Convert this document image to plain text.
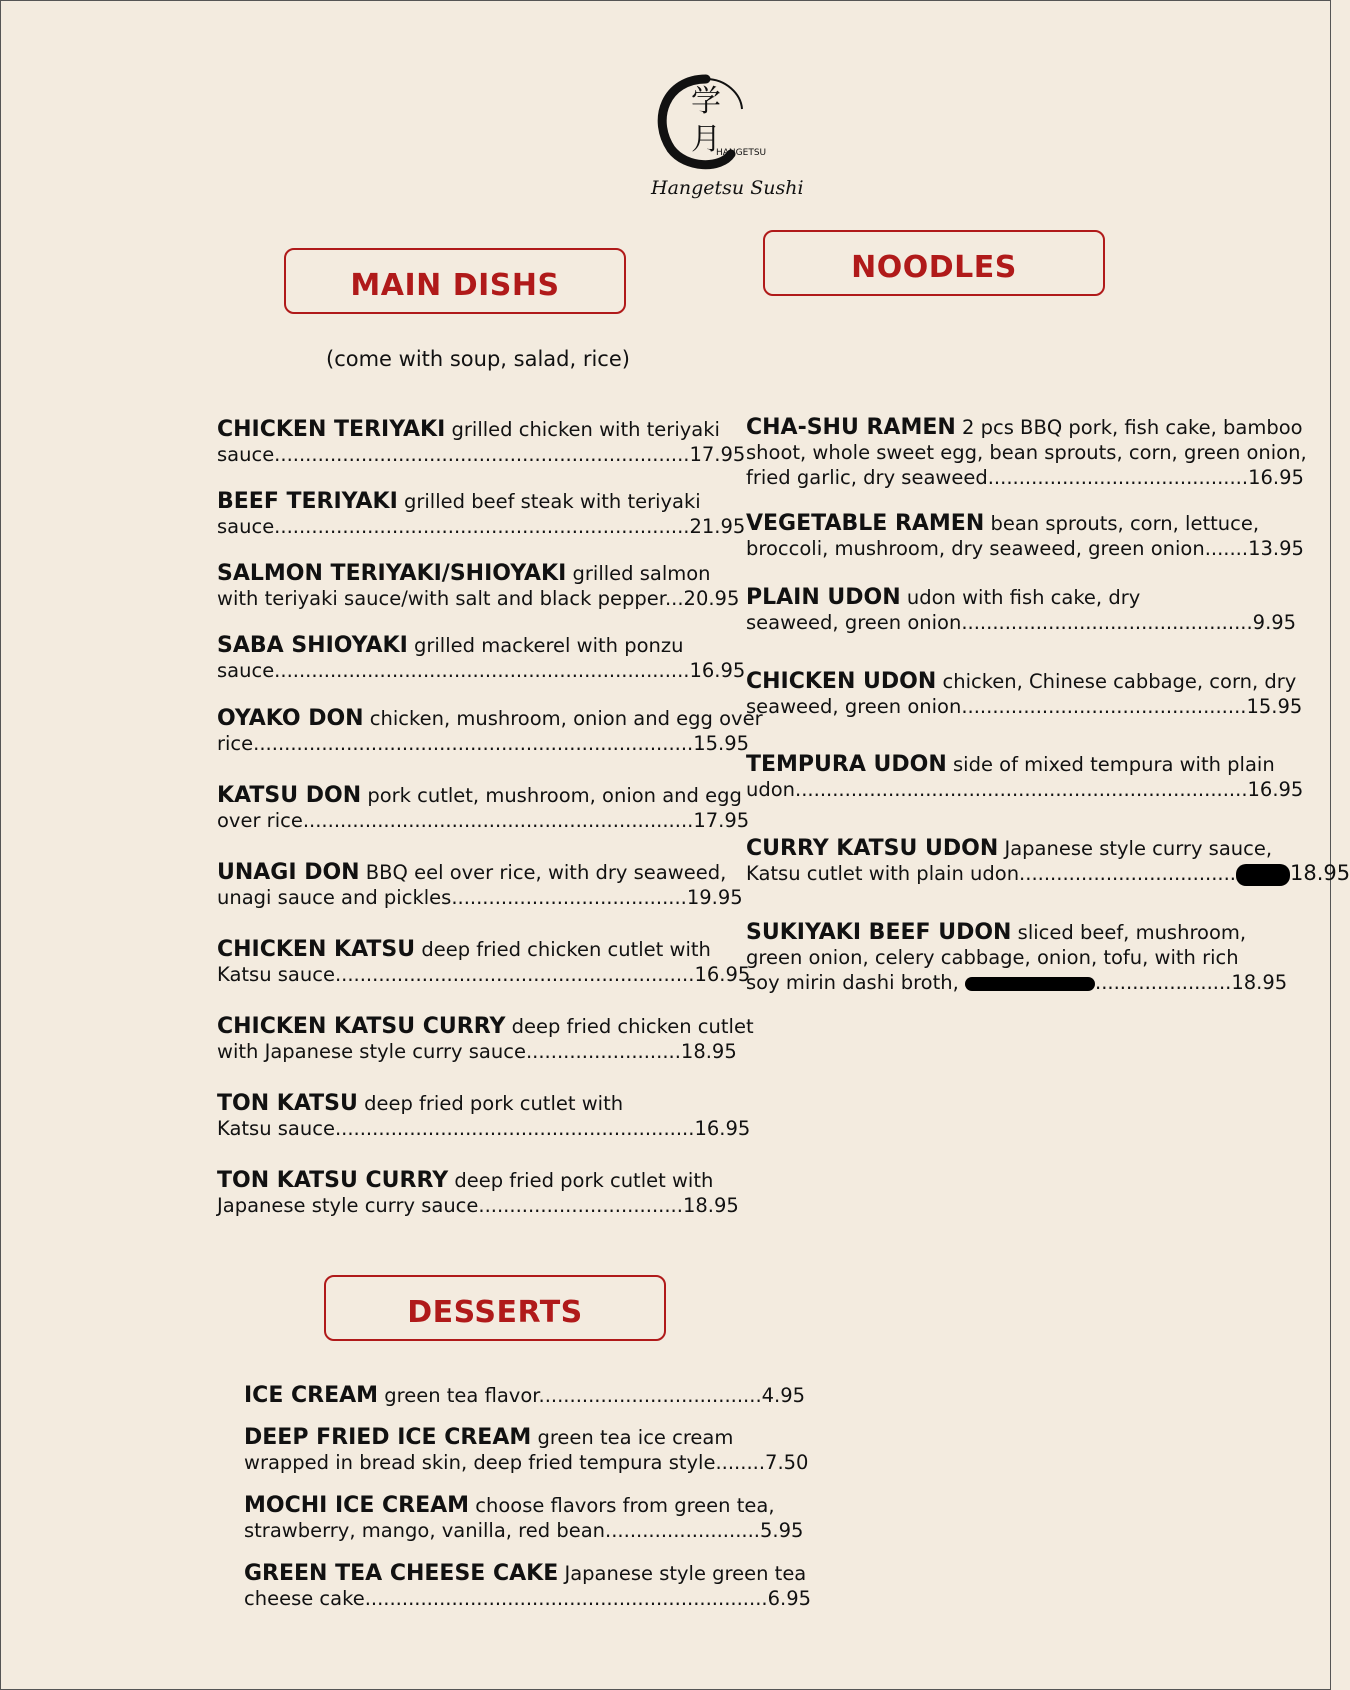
学
月
HANGETSU
Hangetsu Sushi
MAIN DISHS
NOODLES
DESSERTS
(come with soup, salad, rice)
CHICKEN TERIYAKI grilled chicken with teriyaki
sauce...................................................................17.95
BEEF TERIYAKI grilled beef steak with teriyaki
sauce...................................................................21.95
SALMON TERIYAKI/SHIOYAKI grilled salmon
with teriyaki sauce/with salt and black pepper...20.95
SABA SHIOYAKI grilled mackerel with ponzu
sauce...................................................................16.95
OYAKO DON chicken, mushroom, onion and egg over
rice.......................................................................15.95
KATSU DON pork cutlet, mushroom, onion and egg
over rice...............................................................17.95
UNAGI DON BBQ eel over rice, with dry seaweed,
unagi sauce and pickles......................................19.95
CHICKEN KATSU deep fried chicken cutlet with
Katsu sauce..........................................................16.95
CHICKEN KATSU CURRY deep fried chicken cutlet
with Japanese style curry sauce.........................18.95
TON KATSU deep fried pork cutlet with
Katsu sauce..........................................................16.95
TON KATSU CURRY deep fried pork cutlet with
Japanese style curry sauce.................................18.95
CHA-SHU RAMEN 2 pcs BBQ pork, fish cake, bamboo
shoot, whole sweet egg, bean sprouts, corn, green onion,
fried garlic, dry seaweed..........................................16.95
VEGETABLE RAMEN bean sprouts, corn, lettuce,
broccoli, mushroom, dry seaweed, green onion.......13.95
PLAIN UDON udon with fish cake, dry
seaweed, green onion...............................................9.95
CHICKEN UDON chicken, Chinese cabbage, corn, dry
seaweed, green onion..............................................15.95
TEMPURA UDON side of mixed tempura with plain
udon.........................................................................16.95
CURRY KATSU UDON Japanese style curry sauce,
Katsu cutlet with plain udon...................................	18.95
SUKIYAKI BEEF UDON sliced beef, mushroom,
green onion, celery cabbage, onion, tofu, with rich
soy mirin dashi broth,	......................18.95
ICE CREAM green tea flavor....................................4.95
DEEP FRIED ICE CREAM green tea ice cream
wrapped in bread skin, deep fried tempura style........7.50
MOCHI ICE CREAM choose flavors from green tea,
strawberry, mango, vanilla, red bean.........................5.95
GREEN TEA CHEESE CAKE Japanese style green tea
cheese cake.................................................................6.95
